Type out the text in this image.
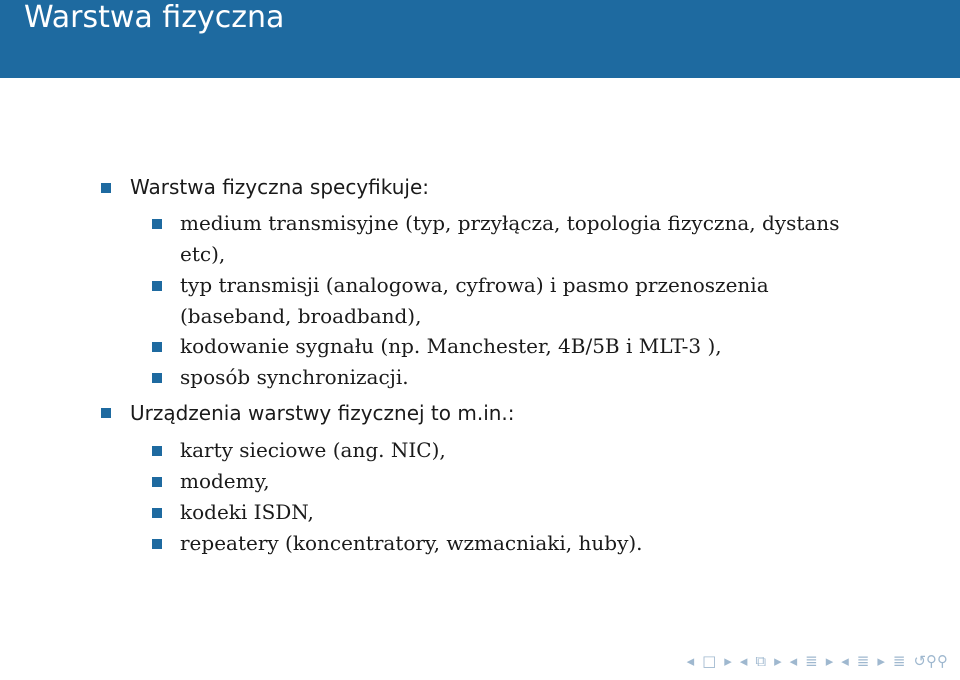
Warstwa fizyczna
Warstwa fizyczna specyfikuje:
medium transmisyjne (typ, przyłącza, topologia fizyczna, dystans
etc),
typ transmisji (analogowa, cyfrowa) i pasmo przenoszenia
(baseband, broadband),
kodowanie sygnału (np. Manchester, 4B/5B i MLT-3 ),
sposób synchronizacji.
Urządzenia warstwy fizycznej to m.in.:
karty sieciowe (ang. NIC),
modemy,
kodeki ISDN,
repeatery (koncentratory, wzmacniaki, huby).
◂ □ ▸ ◂ ⧉ ▸ ◂ ≣ ▸ ◂ ≣ ▸ ≣ ↺⚲⚲
